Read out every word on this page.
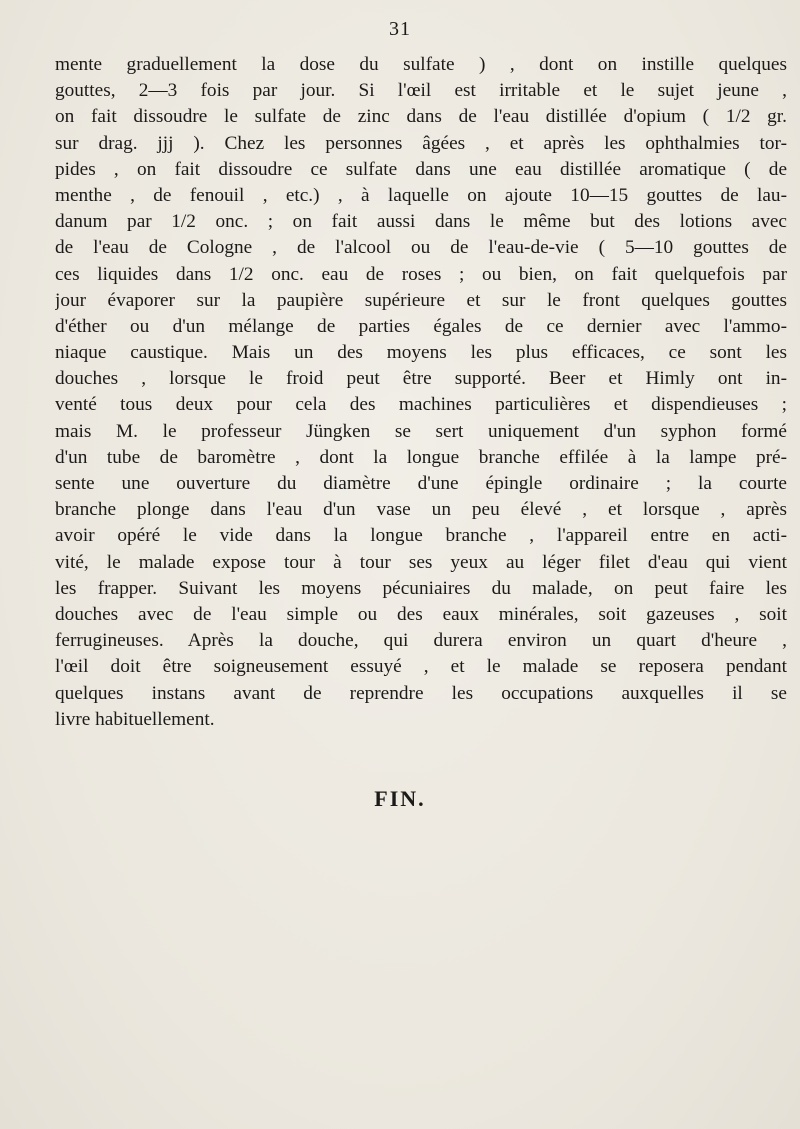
31
mente graduellement la dose du sulfate ) , dont on instille quelques
gouttes, 2—3 fois par jour. Si l'œil est irritable et le sujet jeune ,
on fait dissoudre le sulfate de zinc dans de l'eau distillée d'opium ( 1/2 gr.
sur drag. jjj ). Chez les personnes âgées , et après les ophthalmies tor-
pides , on fait dissoudre ce sulfate dans une eau distillée aromatique ( de
menthe , de fenouil , etc.) , à laquelle on ajoute 10—15 gouttes de lau-
danum par 1/2 onc. ; on fait aussi dans le même but des lotions avec
de l'eau de Cologne , de l'alcool ou de l'eau-de-vie ( 5—10 gouttes de
ces liquides dans 1/2 onc. eau de roses ; ou bien, on fait quelquefois par
jour évaporer sur la paupière supérieure et sur le front quelques gouttes
d'éther ou d'un mélange de parties égales de ce dernier avec l'ammo-
niaque caustique. Mais un des moyens les plus efficaces, ce sont les
douches , lorsque le froid peut être supporté. Beer et Himly ont in-
venté tous deux pour cela des machines particulières et dispendieuses ;
mais M. le professeur Jüngken se sert uniquement d'un syphon formé
d'un tube de baromètre , dont la longue branche effilée à la lampe pré-
sente une ouverture du diamètre d'une épingle ordinaire ; la courte
branche plonge dans l'eau d'un vase un peu élevé , et lorsque , après
avoir opéré le vide dans la longue branche , l'appareil entre en acti-
vité, le malade expose tour à tour ses yeux au léger filet d'eau qui vient
les frapper. Suivant les moyens pécuniaires du malade, on peut faire les
douches avec de l'eau simple ou des eaux minérales, soit gazeuses , soit
ferrugineuses. Après la douche, qui durera environ un quart d'heure ,
l'œil doit être soigneusement essuyé , et le malade se reposera pendant
quelques instans avant de reprendre les occupations auxquelles il se
livre habituellement.
FIN.
